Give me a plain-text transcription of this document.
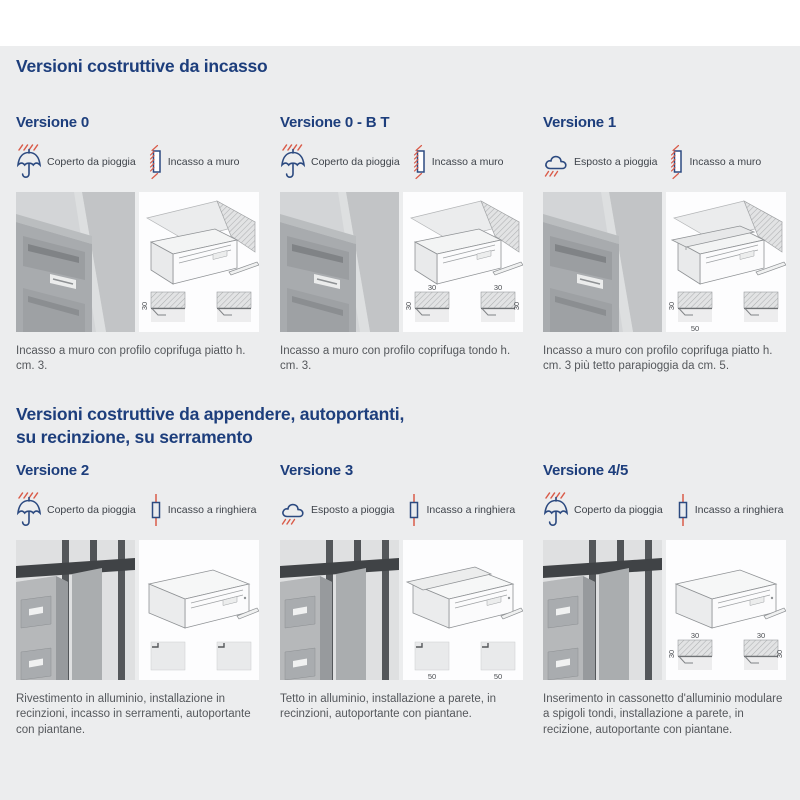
Versioni costruttive da incasso
Versione 0
Coperto da pioggia	Incasso a muro
30
Incasso a muro con profilo coprifuga piatto h. cm. 3.
Versione 0 - B T
Coperto da pioggia	Incasso a muro
30
30
30
30
Incasso a muro con profilo coprifuga tondo h. cm. 3.
Versione 1
Esposto a pioggia	Incasso a muro
30
50
Incasso a muro con profilo coprifuga piatto h. cm. 3 più tetto parapioggia da cm. 5.
Versioni costruttive da appendere, autoportanti,
su recinzione, su serramento
Versione 2
Coperto da pioggia	Incasso a ringhiera
Rivestimento in alluminio, installazione in recinzioni, incasso in serramenti, autoportante con piantane.
Versione 3
Esposto a pioggia	Incasso a ringhiera
50	50
Tetto in alluminio, installazione a parete, in recinzioni, autoportante con piantane.
Versione 4/5
Coperto da pioggia	Incasso a ringhiera
30
30
30
30
Inserimento in cassonetto d'alluminio modulare a spigoli tondi, installazione a parete, in recizione, autoportante con piantane.
